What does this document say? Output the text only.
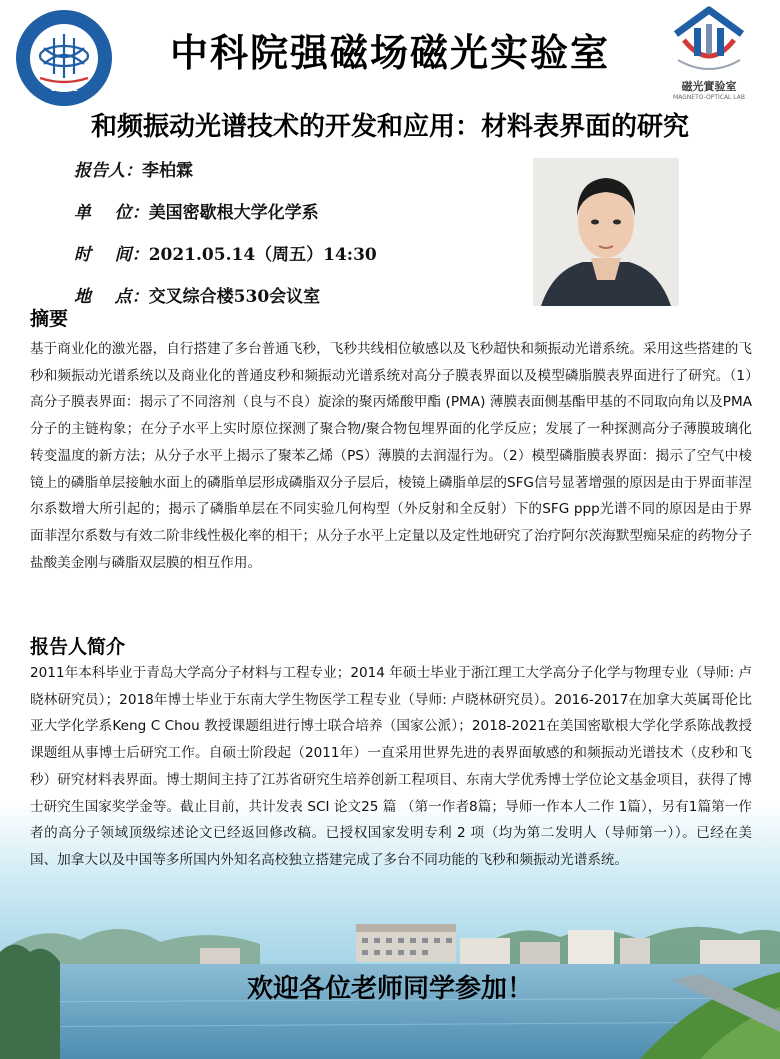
CHMFL
中科院强磁场磁光实验室
磁光實验室
MAGNETO-OPTICAL LAB
和频振动光谱技术的开发和应用：材料表界面的研究
报告人：李柏霖
单    位：美国密歇根大学化学系
时    间：2021.05.14（周五）14:30
地    点：交叉综合楼530会议室
摘要
基于商业化的激光器，自行搭建了多台普通飞秒，飞秒共线相位敏感以及飞秒超快和频振动光谱系统。采用这些搭建的飞秒和频振动光谱系统以及商业化的普通皮秒和频振动光谱系统对高分子膜表界面以及模型磷脂膜表界面进行了研究。（1）高分子膜表界面：揭示了不同溶剂（良与不良）旋涂的聚丙烯酸甲酯 (PMA) 薄膜表面侧基酯甲基的不同取向角以及PMA分子的主链构象；在分子水平上实时原位探测了聚合物/聚合物包埋界面的化学反应；发展了一种探测高分子薄膜玻璃化转变温度的新方法；从分子水平上揭示了聚苯乙烯（PS）薄膜的去润湿行为。（2）模型磷脂膜表界面：揭示了空气中棱镜上的磷脂单层接触水面上的磷脂单层形成磷脂双分子层后，棱镜上磷脂单层的SFG信号显著增强的原因是由于界面菲涅尔系数增大所引起的；揭示了磷脂单层在不同实验几何构型（外反射和全反射）下的SFG ppp光谱不同的原因是由于界面菲涅尔系数与有效二阶非线性极化率的相干；从分子水平上定量以及定性地研究了治疗阿尔茨海默型痴呆症的药物分子盐酸美金刚与磷脂双层膜的相互作用。
报告人简介
2011年本科毕业于青岛大学高分子材料与工程专业；2014 年硕士毕业于浙江理工大学高分子化学与物理专业（导师: 卢晓林研究员）；2018年博士毕业于东南大学生物医学工程专业（导师: 卢晓林研究员）。2016-2017在加拿大英属哥伦比亚大学化学系Keng C Chou 教授课题组进行博士联合培养（国家公派）；2018-2021在美国密歇根大学化学系陈战教授课题组从事博士后研究工作。自硕士阶段起（2011年）一直采用世界先进的表界面敏感的和频振动光谱技术（皮秒和飞秒）研究材料表界面。博士期间主持了江苏省研究生培养创新工程项目、东南大学优秀博士学位论文基金项目，获得了博士研究生国家奖学金等。截止目前，共计发表 SCI 论文25 篇 （第一作者8篇；导师一作本人二作 1篇），另有1篇第一作者的高分子领域顶级综述论文已经返回修改稿。已授权国家发明专利 2 项（均为第二发明人（导师第一））。已经在美国、加拿大以及中国等多所国内外知名高校独立搭建完成了多台不同功能的飞秒和频振动光谱系统。
欢迎各位老师同学参加！
